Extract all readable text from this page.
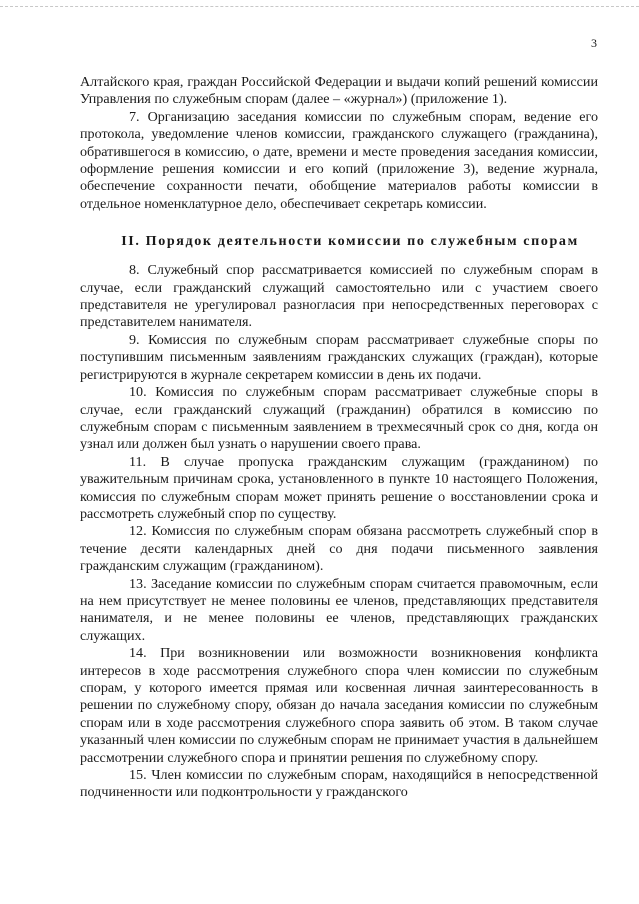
3

Алтайского края, граждан Российской Федерации и выдачи копий решений комиссии Управления по служебным спорам (далее – «журнал») (приложение 1).

7. Организацию заседания комиссии по служебным спорам, ведение его протокола, уведомление членов комиссии, гражданского служащего (гражданина), обратившегося в комиссию, о дате, времени и месте проведения заседания комиссии, оформление решения комиссии и его копий (приложение 3), ведение журнала, обеспечение сохранности печати, обобщение материалов работы комиссии в отдельное номенклатурное дело, обеспечивает секретарь комиссии.

II. Порядок деятельности комиссии по служебным спорам

8. Служебный спор рассматривается комиссией по служебным спорам в случае, если гражданский служащий самостоятельно или с участием своего представителя не урегулировал разногласия при непосредственных переговорах с представителем нанимателя.

9. Комиссия по служебным спорам рассматривает служебные споры по поступившим письменным заявлениям гражданских служащих (граждан), которые регистрируются в журнале секретарем комиссии в день их подачи.

10. Комиссия по служебным спорам рассматривает служебные споры в случае, если гражданский служащий (гражданин) обратился в комиссию по служебным спорам с письменным заявлением в трехмесячный срок со дня, когда он узнал или должен был узнать о нарушении своего права.

11. В случае пропуска гражданским служащим (гражданином) по уважительным причинам срока, установленного в пункте 10 настоящего Положения, комиссия по служебным спорам может принять решение о восстановлении срока и рассмотреть служебный спор по существу.

12. Комиссия по служебным спорам обязана рассмотреть служебный спор в течение десяти календарных дней со дня подачи письменного заявления гражданским служащим (гражданином).

13. Заседание комиссии по служебным спорам считается правомочным, если на нем присутствует не менее половины ее членов, представляющих представителя нанимателя, и не менее половины ее членов, представляющих гражданских служащих.

14. При возникновении или возможности возникновения конфликта интересов в ходе рассмотрения служебного спора член комиссии по служебным спорам, у которого имеется прямая или косвенная личная заинтересованность в решении по служебному спору, обязан до начала заседания комиссии по служебным спорам или в ходе рассмотрения служебного спора заявить об этом. В таком случае указанный член комиссии по служебным спорам не принимает участия в дальнейшем рассмотрении служебного спора и принятии решения по служебному спору.

15. Член комиссии по служебным спорам, находящийся в непосредственной подчиненности или подконтрольности у гражданского
